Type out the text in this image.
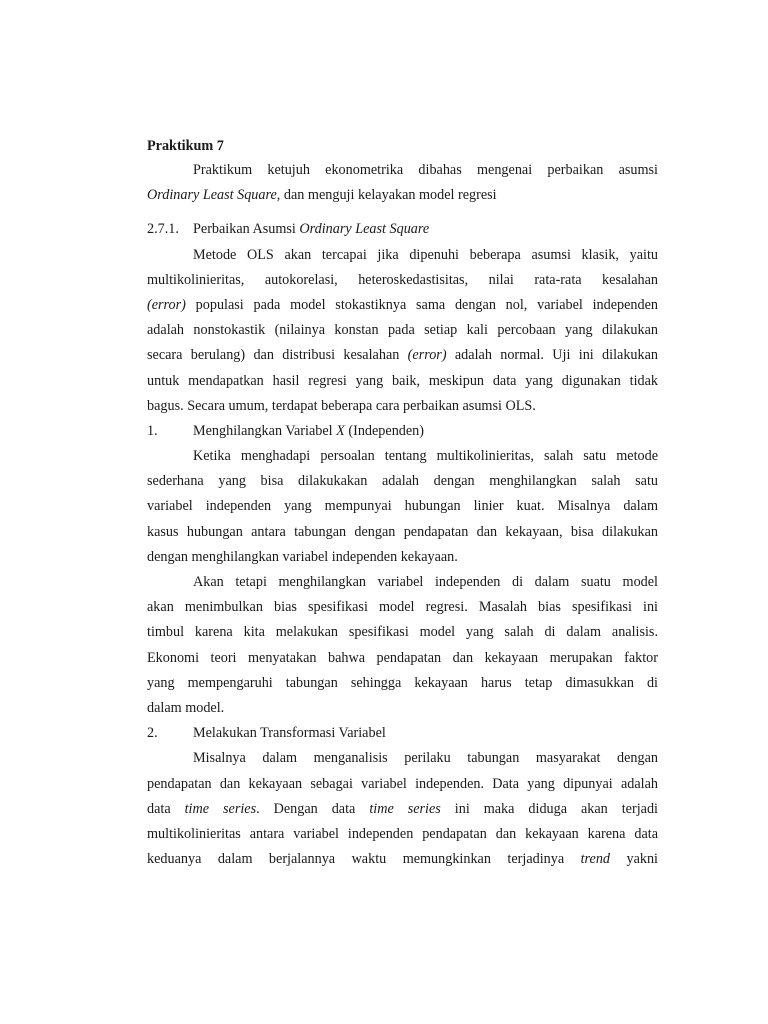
Praktikum 7
Praktikum ketujuh ekonometrika dibahas mengenai perbaikan asumsi
Ordinary Least Square, dan menguji kelayakan model regresi
2.7.1. Perbaikan Asumsi Ordinary Least Square
Metode OLS akan tercapai jika dipenuhi beberapa asumsi klasik, yaitu
multikolinieritas, autokorelasi, heteroskedastisitas, nilai rata-rata kesalahan
(error) populasi pada model stokastiknya sama dengan nol, variabel independen
adalah nonstokastik (nilainya konstan pada setiap kali percobaan yang dilakukan
secara berulang) dan distribusi kesalahan (error) adalah normal. Uji ini dilakukan
untuk mendapatkan hasil regresi yang baik, meskipun data yang digunakan tidak
bagus. Secara umum, terdapat beberapa cara perbaikan asumsi OLS.
1. Menghilangkan Variabel X (Independen)
Ketika menghadapi persoalan tentang multikolinieritas, salah satu metode
sederhana yang bisa dilakukakan adalah dengan menghilangkan salah satu
variabel independen yang mempunyai hubungan linier kuat. Misalnya dalam
kasus hubungan antara tabungan dengan pendapatan dan kekayaan, bisa dilakukan
dengan menghilangkan variabel independen kekayaan.
Akan tetapi menghilangkan variabel independen di dalam suatu model
akan menimbulkan bias spesifikasi model regresi. Masalah bias spesifikasi ini
timbul karena kita melakukan spesifikasi model yang salah di dalam analisis.
Ekonomi teori menyatakan bahwa pendapatan dan kekayaan merupakan faktor
yang mempengaruhi tabungan sehingga kekayaan harus tetap dimasukkan di
dalam model.
2. Melakukan Transformasi Variabel
Misalnya dalam menganalisis perilaku tabungan masyarakat dengan
pendapatan dan kekayaan sebagai variabel independen. Data yang dipunyai adalah
data time series. Dengan data time series ini maka diduga akan terjadi
multikolinieritas antara variabel independen pendapatan dan kekayaan karena data
keduanya dalam berjalannya waktu memungkinkan terjadinya trend yakni
